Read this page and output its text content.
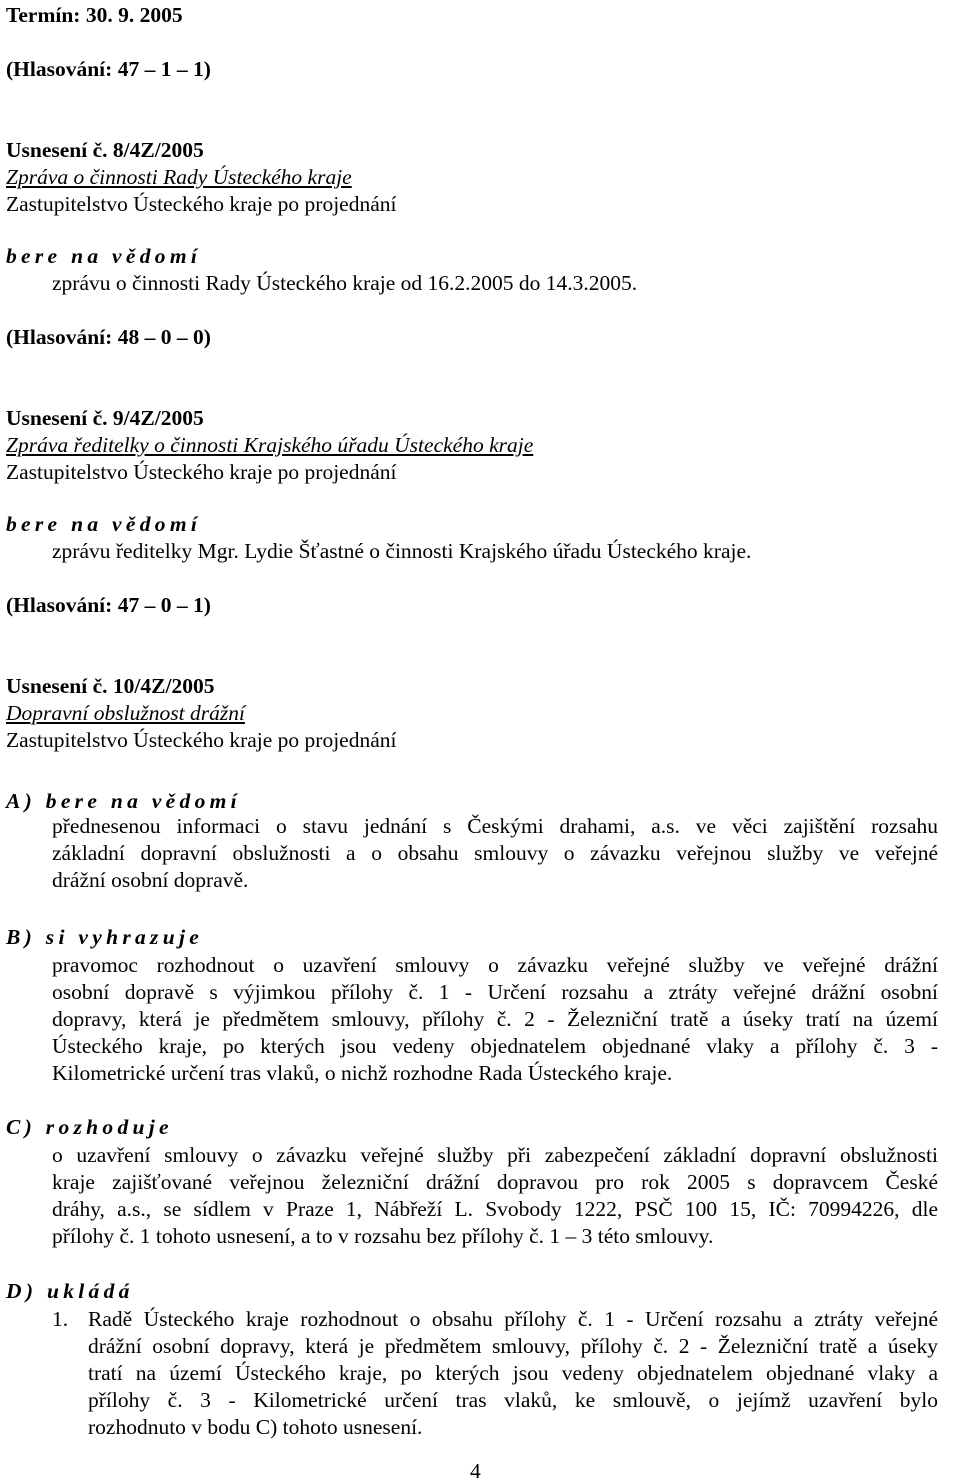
Termín: 30. 9. 2005
(Hlasování: 47 – 1 – 1)
Usnesení č. 8/4Z/2005
Zpráva o činnosti Rady Ústeckého kraje
Zastupitelstvo Ústeckého kraje po projednání
bere na vědomí
zprávu o činnosti Rady Ústeckého kraje od 16.2.2005 do 14.3.2005.
(Hlasování: 48 – 0 – 0)
Usnesení č. 9/4Z/2005
Zpráva ředitelky o činnosti Krajského úřadu Ústeckého kraje
Zastupitelstvo Ústeckého kraje po projednání
bere na vědomí
zprávu ředitelky Mgr. Lydie Šťastné o činnosti Krajského úřadu Ústeckého kraje.
(Hlasování: 47 – 0 – 1)
Usnesení č. 10/4Z/2005
Dopravní obslužnost drážní
Zastupitelstvo Ústeckého kraje po projednání
A) bere na vědomí
přednesenou informaci o stavu jednání s Českými drahami, a.s. ve věci zajištění rozsahu
základní dopravní obslužnosti a o obsahu smlouvy o závazku veřejnou služby ve veřejné
drážní osobní dopravě.
B) si vyhrazuje
pravomoc rozhodnout o uzavření smlouvy o závazku veřejné služby ve veřejné drážní
osobní dopravě s výjimkou přílohy č. 1 - Určení rozsahu a ztráty veřejné drážní osobní
dopravy, která je předmětem smlouvy, přílohy č. 2 - Železniční tratě a úseky tratí na území
Ústeckého kraje, po kterých jsou vedeny objednatelem objednané vlaky a přílohy č. 3 -
Kilometrické určení tras vlaků, o nichž rozhodne Rada Ústeckého kraje.
C) rozhoduje
o uzavření smlouvy o závazku veřejné služby při zabezpečení základní dopravní obslužnosti
kraje zajišťované veřejnou železniční drážní dopravou pro rok 2005 s dopravcem České
dráhy, a.s., se sídlem v Praze 1, Nábřeží L. Svobody 1222, PSČ 100 15, IČ: 70994226, dle
přílohy č. 1 tohoto usnesení, a to v rozsahu bez přílohy č. 1 – 3 této smlouvy.
D) ukládá
1. Radě Ústeckého kraje rozhodnout o obsahu přílohy č. 1 - Určení rozsahu a ztráty veřejné
drážní osobní dopravy, která je předmětem smlouvy, přílohy č. 2 - Železniční tratě a úseky
tratí na území Ústeckého kraje, po kterých jsou vedeny objednatelem objednané vlaky a
přílohy č. 3 - Kilometrické určení tras vlaků, ke smlouvě, o jejímž uzavření bylo
rozhodnuto v bodu C) tohoto usnesení.
4
